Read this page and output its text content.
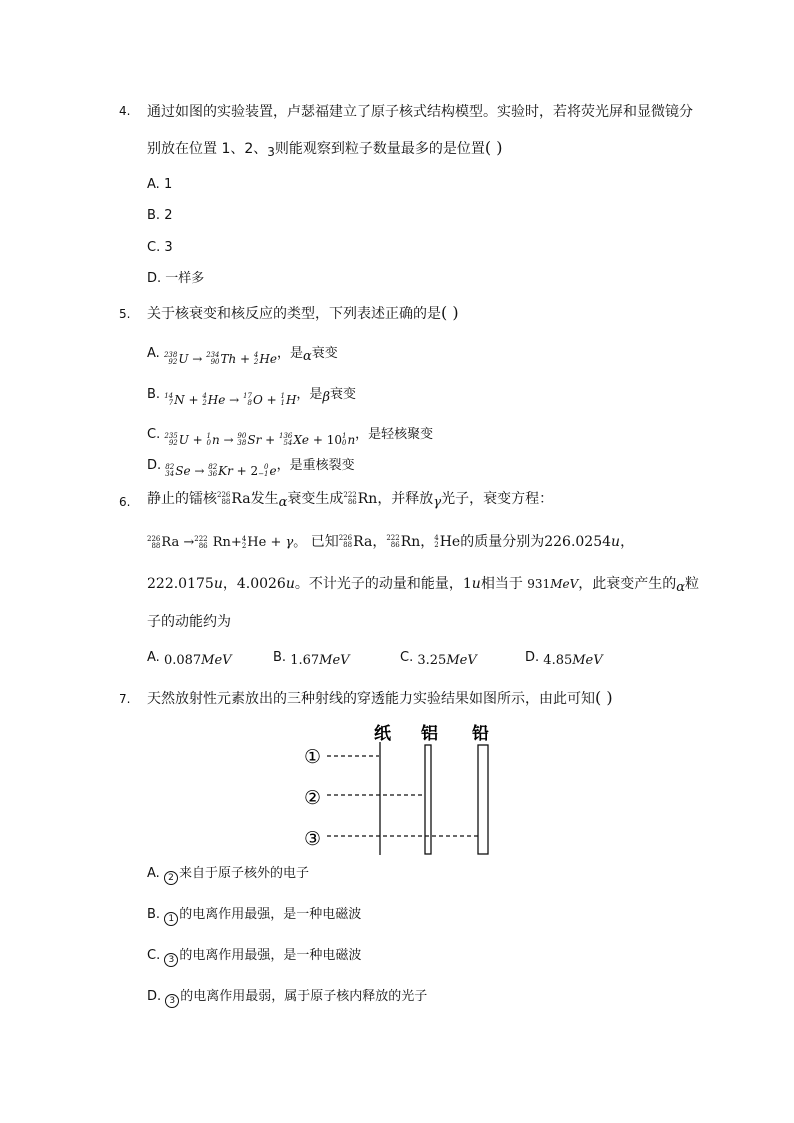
4. 通过如图的实验装置，卢瑟福建立了原子核式结构模型。实验时，若将荧光屏和显微镜分
别放在位置 1、2、3则能观察到粒子数量最多的是位置( )
A. 1
B. 2
C. 3
D. 一样多
5. 关于核衰变和核反应的类型，下列表述正确的是( )
A. 238
92 U → 234
90 Th + 4
2 He，是α衰变
B. 14
7 N + 4
2 He → 17
8 O + 1
1 H，是β衰变
C. 235
92 U + 1
0 n → 90
38 Sr + 136
54 Xe + 10 1
0 n，是轻核聚变
D. 82
34 Se → 82
36 Kr + 2 0
−1 e，是重核裂变
6. 静止的镭核 226
88 Ra发生α衰变生成 222
86 Rn，并释放γ光子，衰变方程：
226
88 Ra → 222
86 Rn+ 4
2 He + γ。 已知 226
88 Ra， 222
86 Rn， 4
2 He的质量分别为226.0254u，
222.0175u，4.0026u。不计光子的动量和能量，1u相当于 931MeV，此衰变产生的α粒
子的动能约为
A. 0.087MeV	B. 1.67MeV	C. 3.25MeV	D. 4.85MeV
7. 天然放射性元素放出的三种射线的穿透能力实验结果如图所示，由此可知( )
纸 铝 铅
①
②
③
A. 2 来自于原子核外的电子
B. 1 的电离作用最强，是一种电磁波
C. 3 的电离作用最强，是一种电磁波
D. 3 的电离作用最弱，属于原子核内释放的光子
